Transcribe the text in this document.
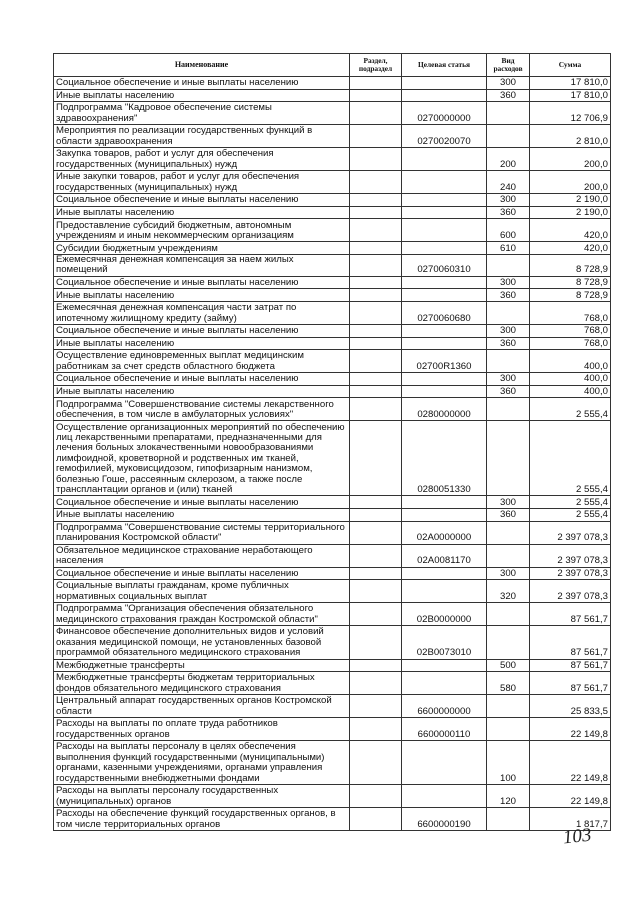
Наименование	Раздел, подраздел	Целевая статья	Вид расходов	Сумма
Социальное обеспечение и иные выплаты населению			300	17 810,0
Иные выплаты населению			360	17 810,0
Подпрограмма "Кадровое обеспечение системы здравоохранения"		0270000000		12 706,9
Мероприятия по реализации государственных функций в области здравоохранения		0270020070		2 810,0
Закупка товаров, работ и услуг для обеспечения государственных (муниципальных) нужд			200	200,0
Иные закупки товаров, работ и услуг для обеспечения государственных (муниципальных) нужд			240	200,0
Социальное обеспечение и иные выплаты населению			300	2 190,0
Иные выплаты населению			360	2 190,0
Предоставление субсидий бюджетным, автономным учреждениям и иным некоммерческим организациям			600	420,0
Субсидии бюджетным учреждениям			610	420,0
Ежемесячная денежная компенсация за наем жилых помещений		0270060310		8 728,9
Социальное обеспечение и иные выплаты населению			300	8 728,9
Иные выплаты населению			360	8 728,9
Ежемесячная денежная компенсация части затрат по ипотечному жилищному кредиту (займу)		0270060680		768,0
Социальное обеспечение и иные выплаты населению			300	768,0
Иные выплаты населению			360	768,0
Осуществление единовременных выплат медицинским работникам за счет средств областного бюджета		02700R1360		400,0
Социальное обеспечение и иные выплаты населению			300	400,0
Иные выплаты населению			360	400,0
Подпрограмма "Совершенствование системы лекарственного обеспечения, в том числе в амбулаторных условиях"		0280000000		2 555,4
Осуществление организационных мероприятий по обеспечению лиц лекарственными препаратами, предназначенными для лечения больных злокачественными новообразованиями лимфоидной, кроветворной и родственных им тканей, гемофилией, муковисцидозом, гипофизарным нанизмом, болезнью Гоше, рассеянным склерозом, а также после трансплантации органов и (или) тканей		0280051330		2 555,4
Социальное обеспечение и иные выплаты населению			300	2 555,4
Иные выплаты населению			360	2 555,4
Подпрограмма "Совершенствование системы территориального планирования Костромской области"		02A0000000		2 397 078,3
Обязательное медицинское страхование неработающего населения		02A0081170		2 397 078,3
Социальное обеспечение и иные выплаты населению			300	2 397 078,3
Социальные выплаты гражданам, кроме публичных нормативных социальных выплат			320	2 397 078,3
Подпрограмма "Организация обеспечения обязательного медицинского страхования граждан Костромской области"		02B0000000		87 561,7
Финансовое обеспечение дополнительных видов и условий оказания медицинской помощи, не установленных базовой программой обязательного медицинского страхования		02B0073010		87 561,7
Межбюджетные трансферты			500	87 561,7
Межбюджетные трансферты бюджетам территориальных фондов обязательного медицинского страхования			580	87 561,7
Центральный аппарат государственных органов Костромской области		6600000000		25 833,5
Расходы на выплаты по оплате труда работников государственных органов		6600000110		22 149,8
Расходы на выплаты персоналу в целях обеспечения выполнения функций государственными (муниципальными) органами, казенными учреждениями, органами управления государственными внебюджетными фондами			100	22 149,8
Расходы на выплаты персоналу государственных (муниципальных) органов			120	22 149,8
Расходы на обеспечение функций государственных органов, в том числе территориальных органов		6600000190		1 817,7
103
